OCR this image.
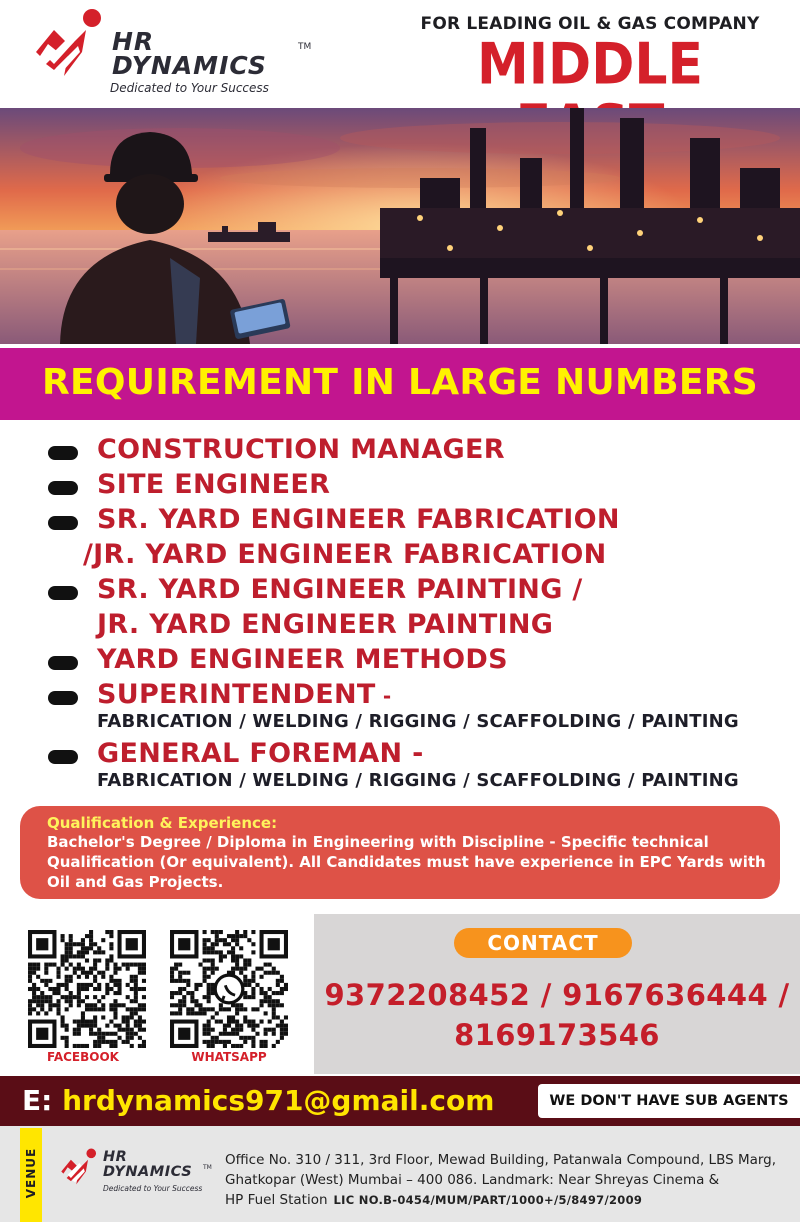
HR
DYNAMICS
TM
Dedicated to Your Success
FOR LEADING OIL & GAS COMPANY
MIDDLE
REQUIREMENT IN LARGE NUMBERS
CONSTRUCTION MANAGER
SITE ENGINEER
SR. YARD ENGINEER FABRICATION
/JR. YARD ENGINEER FABRICATION
SR. YARD ENGINEER PAINTING /
JR. YARD ENGINEER PAINTING
YARD ENGINEER METHODS
SUPERINTENDENT -
FABRICATION / WELDING / RIGGING / SCAFFOLDING / PAINTING
GENERAL FOREMAN -
FABRICATION / WELDING / RIGGING / SCAFFOLDING / PAINTING
Qualification & Experience:
Bachelor's Degree / Diploma in Engineering with Discipline - Specific technical Qualification (Or equivalent). All Candidates must have experience in EPC Yards with Oil and Gas Projects.
FACEBOOK	WHATSAPP
CONTACT
9372208452 / 9167636444 /
8169173546
E: hrdynamics971@gmail.com	WE DON'T HAVE SUB AGENTS
VENUE	HR
DYNAMICS TM
Dedicated to Your Success
Office No. 310 / 311, 3rd Floor, Mewad Building, Patanwala Compound, LBS Marg,
Ghatkopar (West) Mumbai – 400 086. Landmark: Near Shreyas Cinema &
HP Fuel Station LIC NO.B-0454/MUM/PART/1000+/5/8497/2009
